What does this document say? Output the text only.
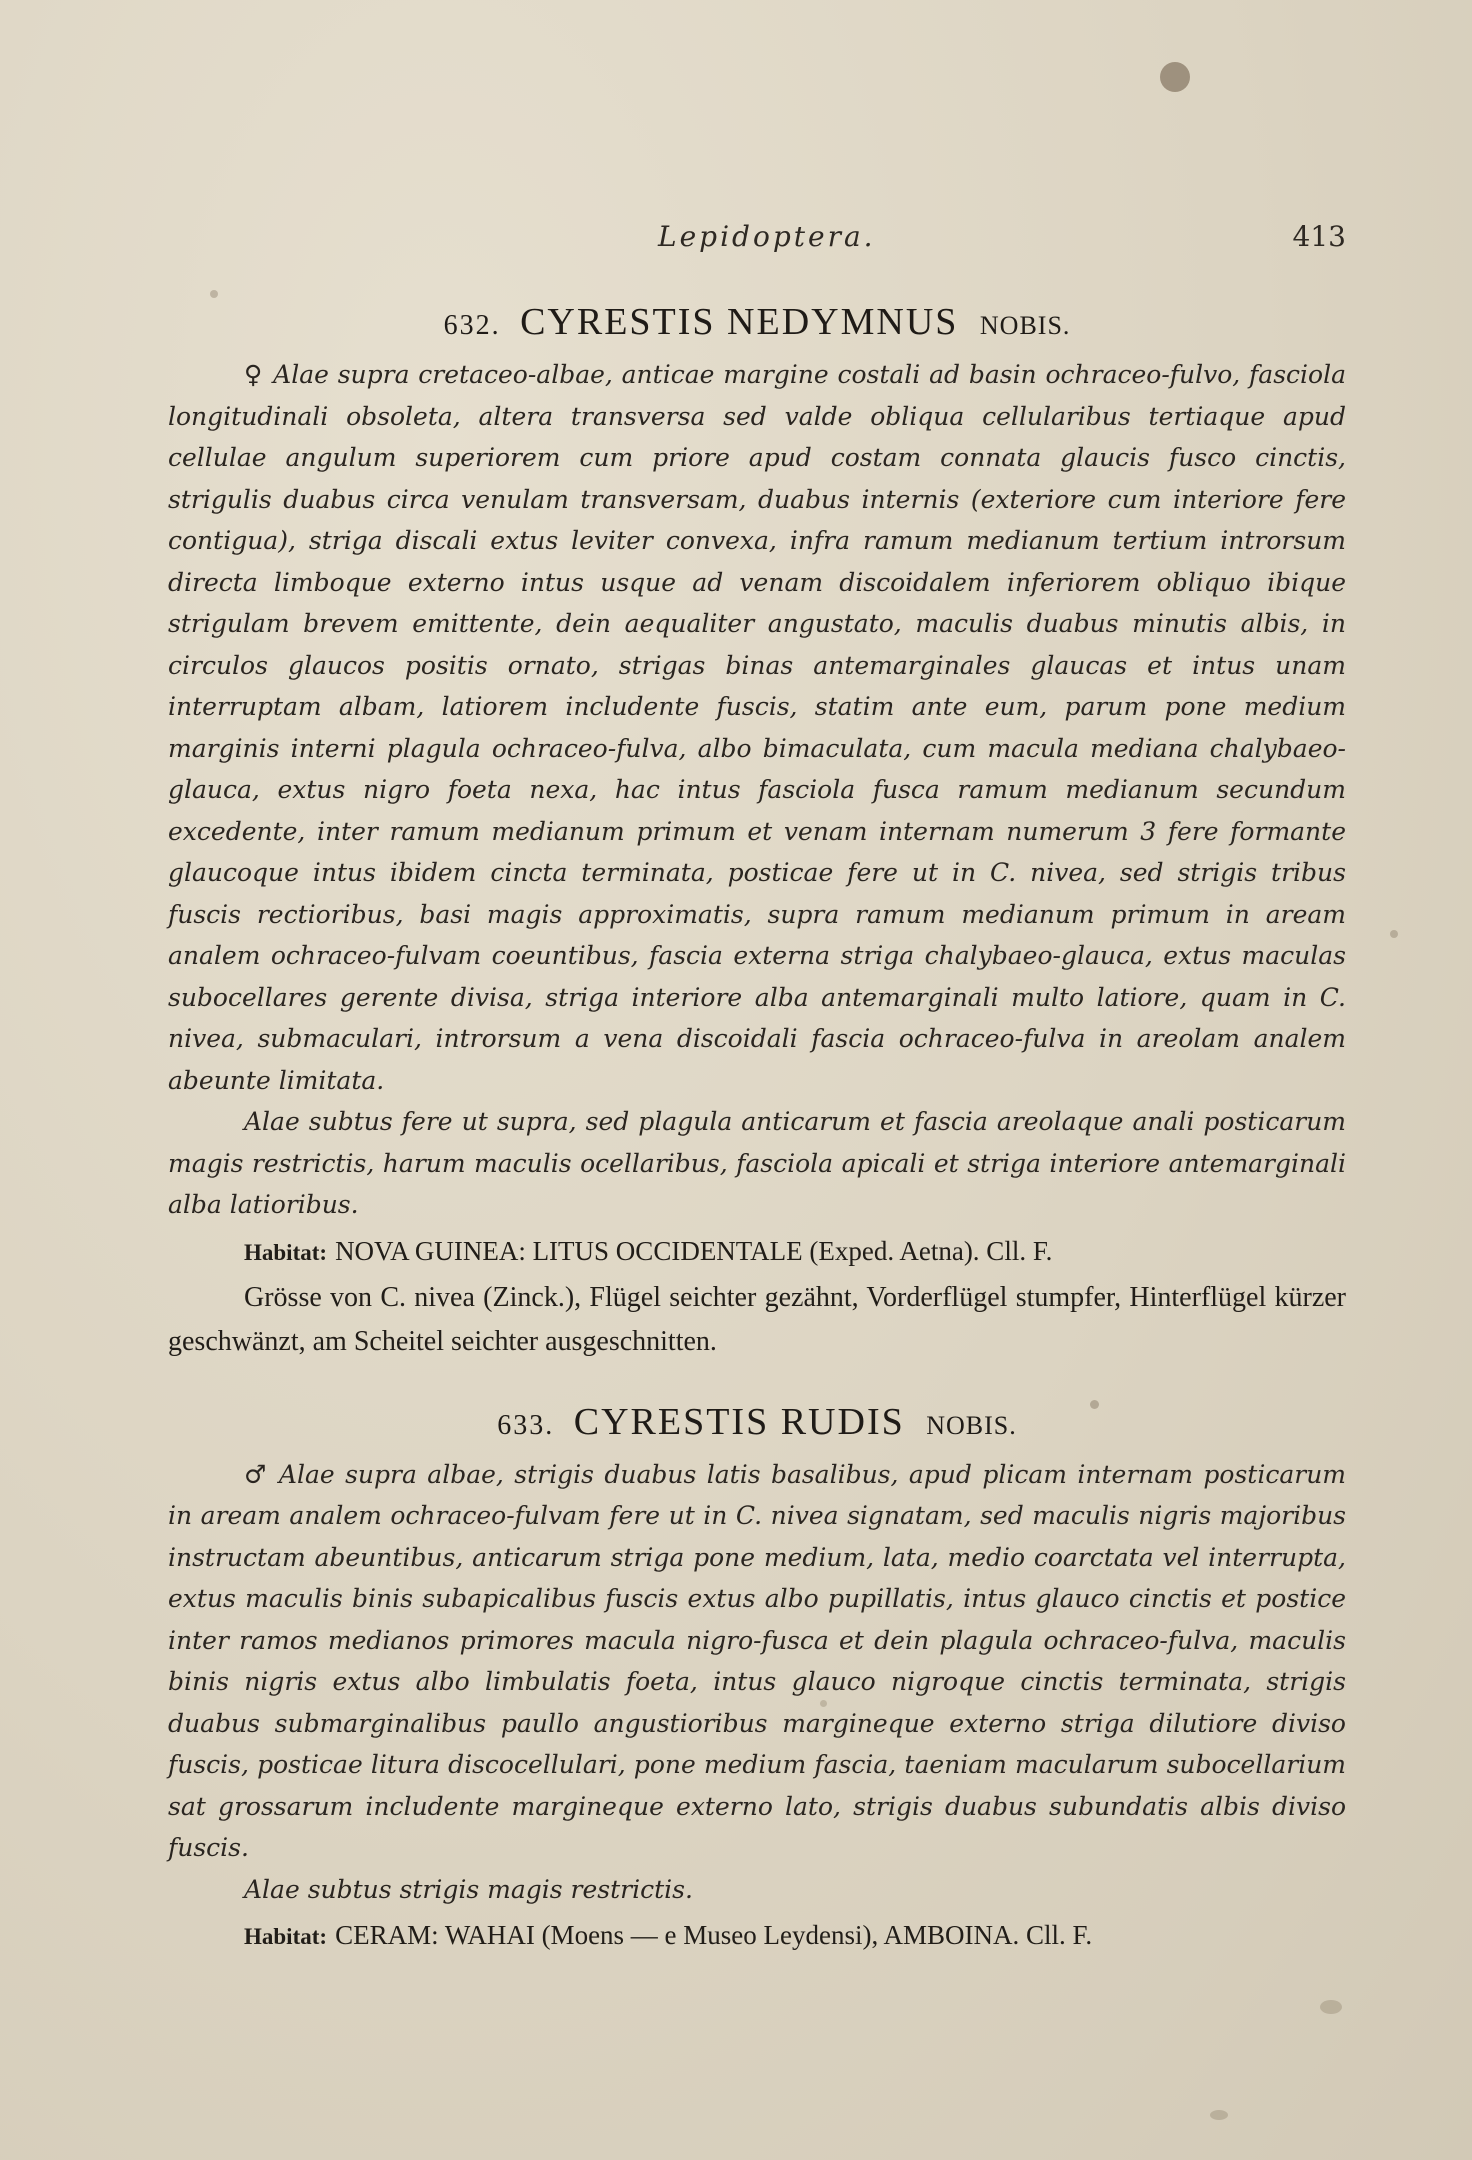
Lepidoptera.	413
632. CYRESTIS NEDYMNUS NOBIS.

♀ Alae supra cretaceo-albae, anticae margine costali ad basin ochraceo-fulvo, fasciola longitudinali obsoleta, altera transversa sed valde obliqua cellularibus tertiaque apud cellulae angulum superiorem cum priore apud costam connata glaucis fusco cinctis, strigulis duabus circa venulam transversam, duabus internis (exteriore cum interiore fere contigua), striga discali extus leviter convexa, infra ramum medianum tertium introrsum directa limboque externo intus usque ad venam discoidalem inferiorem obliquo ibique strigulam brevem emittente, dein aequaliter angustato, maculis duabus minutis albis, in circulos glaucos positis ornato, strigas binas antemarginales glaucas et intus unam interruptam albam, latiorem includente fuscis, statim ante eum, parum pone medium marginis interni plagula ochraceo-fulva, albo bimaculata, cum macula mediana chalybaeo-glauca, extus nigro foeta nexa, hac intus fasciola fusca ramum medianum secundum excedente, inter ramum medianum primum et venam internam numerum 3 fere formante glaucoque intus ibidem cincta terminata, posticae fere ut in C. nivea, sed strigis tribus fuscis rectioribus, basi magis approximatis, supra ramum medianum primum in aream analem ochraceo-fulvam coeuntibus, fascia externa striga chalybaeo-glauca, extus maculas subocellares gerente divisa, striga interiore alba antemarginali multo latiore, quam in C. nivea, submaculari, introrsum a vena discoidali fascia ochraceo-fulva in areolam analem abeunte limitata.

Alae subtus fere ut supra, sed plagula anticarum et fascia areolaque anali posticarum magis restrictis, harum maculis ocellaribus, fasciola apicali et striga interiore antemarginali alba latioribus.

Habitat: NOVA GUINEA: LITUS OCCIDENTALE (Exped. Aetna). Cll. F.

Grösse von C. nivea (Zinck.), Flügel seichter gezähnt, Vorderflügel stumpfer, Hinterflügel kürzer geschwänzt, am Scheitel seichter ausgeschnitten.

633. CYRESTIS RUDIS NOBIS.

♂ Alae supra albae, strigis duabus latis basalibus, apud plicam internam posticarum in aream analem ochraceo-fulvam fere ut in C. nivea signatam, sed maculis nigris majoribus instructam abeuntibus, anticarum striga pone medium, lata, medio coarctata vel interrupta, extus maculis binis subapicalibus fuscis extus albo pupillatis, intus glauco cinctis et postice inter ramos medianos primores macula nigro-fusca et dein plagula ochraceo-fulva, maculis binis nigris extus albo limbulatis foeta, intus glauco nigroque cinctis terminata, strigis duabus submarginalibus paullo angustioribus margineque externo striga dilutiore diviso fuscis, posticae litura discocellulari, pone medium fascia, taeniam macularum subocellarium sat grossarum includente margineque externo lato, strigis duabus subundatis albis diviso fuscis.

Alae subtus strigis magis restrictis.

Habitat: CERAM: WAHAI (Moens — e Museo Leydensi), AMBOINA. Cll. F.
